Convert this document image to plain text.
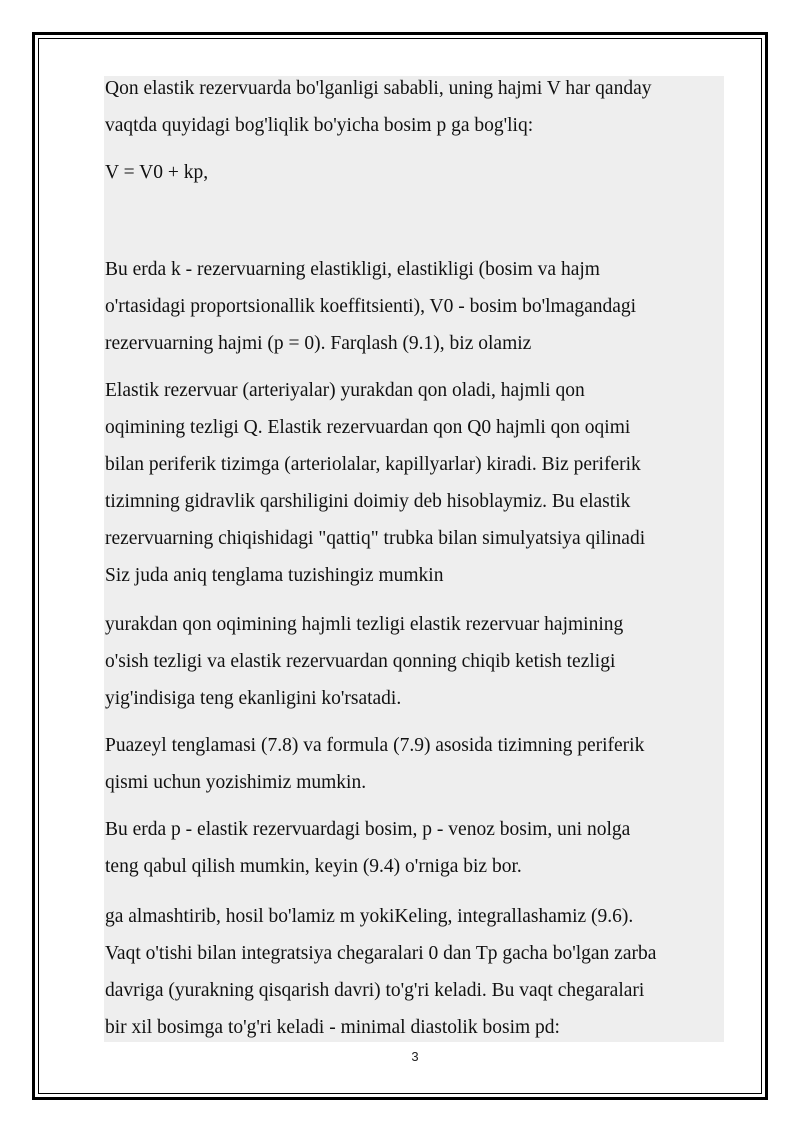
Qon elastik rezervuarda bo'lganligi sababli, uning hajmi V har qanday
vaqtda quyidagi bog'liqlik bo'yicha bosim p ga bog'liq:
V = V0 + kp,
Bu erda k - rezervuarning elastikligi, elastikligi (bosim va hajm
o'rtasidagi proportsionallik koeffitsienti), V0 - bosim bo'lmagandagi
rezervuarning hajmi (p = 0). Farqlash (9.1), biz olamiz
Elastik rezervuar (arteriyalar) yurakdan qon oladi, hajmli qon
oqimining tezligi Q. Elastik rezervuardan qon Q0 hajmli qon oqimi
bilan periferik tizimga (arteriolalar, kapillyarlar) kiradi. Biz periferik
tizimning gidravlik qarshiligini doimiy deb hisoblaymiz. Bu elastik
rezervuarning chiqishidagi "qattiq" trubka bilan simulyatsiya qilinadi
Siz juda aniq tenglama tuzishingiz mumkin
yurakdan qon oqimining hajmli tezligi elastik rezervuar hajmining
o'sish tezligi va elastik rezervuardan qonning chiqib ketish tezligi
yig'indisiga teng ekanligini ko'rsatadi.
Puazeyl tenglamasi (7.8) va formula (7.9) asosida tizimning periferik
qismi uchun yozishimiz mumkin.
Bu erda p - elastik rezervuardagi bosim, p - venoz bosim, uni nolga
teng qabul qilish mumkin, keyin (9.4) o'rniga biz bor.
ga almashtirib, hosil bo'lamiz m yokiKeling, integrallashamiz (9.6).
Vaqt o'tishi bilan integratsiya chegaralari 0 dan Tp gacha bo'lgan zarba
davriga (yurakning qisqarish davri) to'g'ri keladi. Bu vaqt chegaralari
bir xil bosimga to'g'ri keladi - minimal diastolik bosim pd:
3
